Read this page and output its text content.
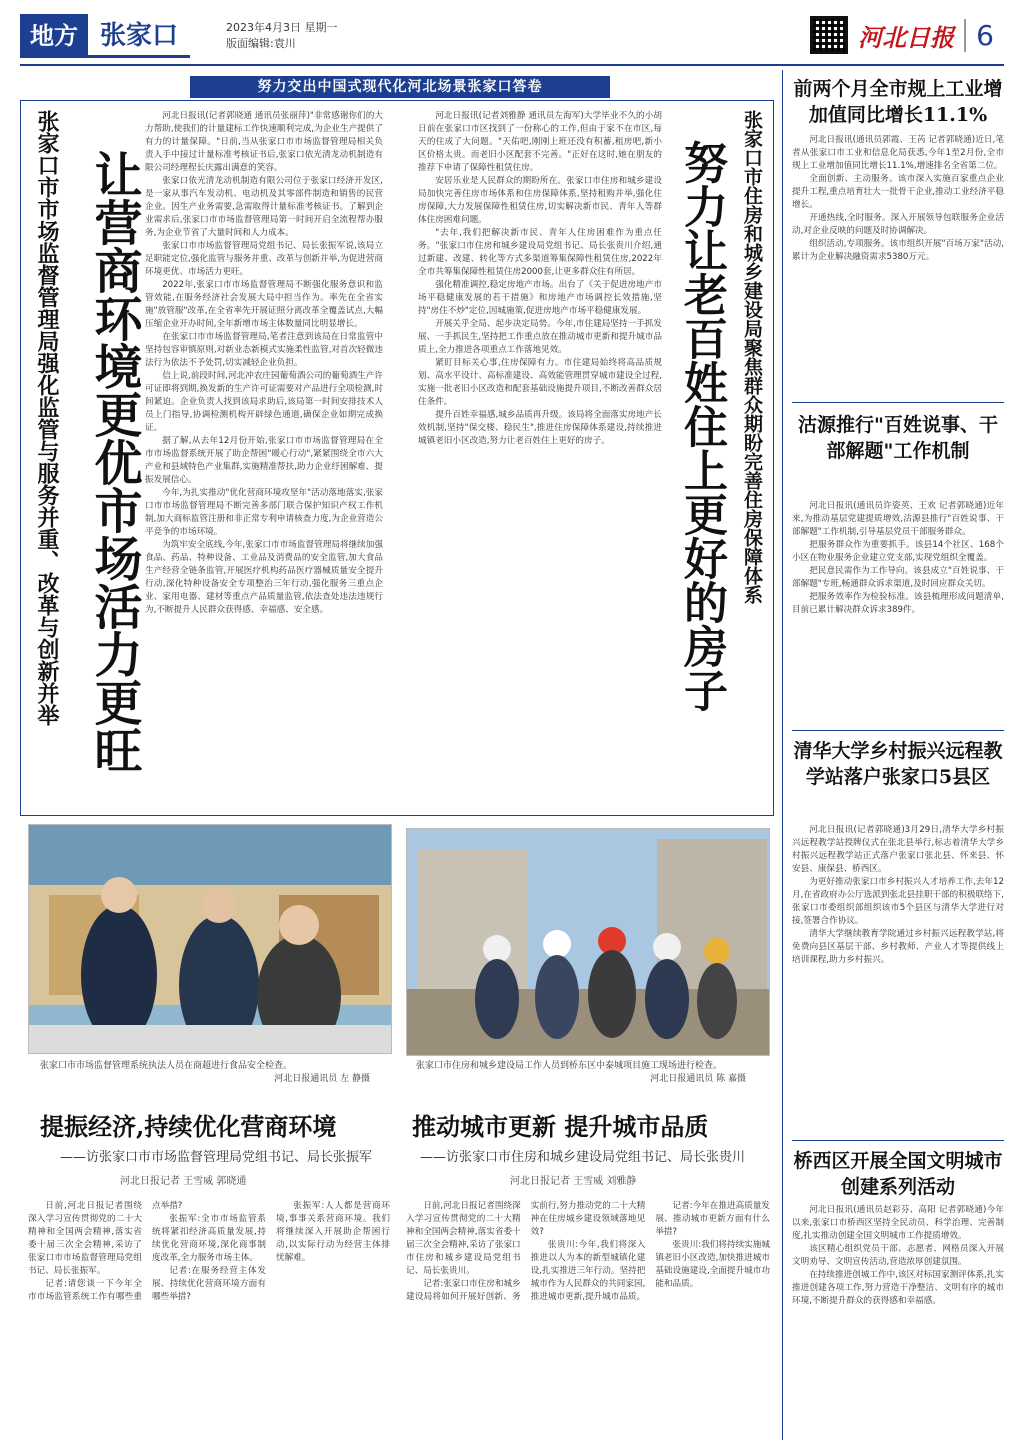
地方 张家口	2023年4月3日 星期一
版面编辑:袁川	河北日报 6
努力交出中国式现代化河北场景张家口答卷
张家口市市场监督管理局强化监管与服务并重、改革与创新并举 让营商环境更优市场活力更旺

河北日报讯(记者郭晓通 通讯员张丽萍)"非常感谢你们的大力帮助,使我们的计量建标工作快速顺利完成,为企业生产提供了有力的计量保障。"日前,当从张家口市市场监督管理局相关负责人手中接过计量标准考核证书后,张家口依光清龙动机制造有限公司经理程长庆露出满意的笑容。

张家口依光清龙动机制造有限公司位于张家口经济开发区,是一家从事汽车发动机、电动机及其零部件制造和销售的民营企业。因生产业务需要,急需取得计量标准考核证书。了解到企业需求后,张家口市市场监督管理局第一时间开启全流程帮办服务,为企业节省了大量时间和人力成本。

张家口市市场监督管理局党组书记、局长张振军说,该局立足职能定位,强化监管与服务并重、改革与创新并举,为促进营商环境更优、市场活力更旺。

2022年,张家口市市场监督管理局不断强化服务意识和监管效能,在服务经济社会发展大局中担当作为。率先在全省实施"放管服"改革,在全省率先开展证照分离改革全覆盖试点,大幅压缩企业开办时间,全年新增市场主体数量同比明显增长。

在张家口市市场监督管理局,笔者注意到该局在日常监管中坚持包容审慎原则,对新业态新模式实施柔性监管,对首次轻微违法行为依法不予处罚,切实减轻企业负担。

信上说,前段时间,河北冲农庄园葡萄酒公司的葡萄酒生产许可证即将到期,换发新的生产许可证需要对产品进行全项检测,时间紧迫。企业负责人找到该局求助后,该局第一时间安排技术人员上门指导,协调检测机构开辟绿色通道,确保企业如期完成换证。

据了解,从去年12月份开始,张家口市市场监督管理局在全市市场监督系统开展了助企帮困"暖心行动",紧紧围绕全市六大产业和县域特色产业集群,实施精准帮扶,助力企业纾困解难、提振发展信心。

今年,为扎实推动"优化营商环境攻坚年"活动落地落实,张家口市市场监督管理局不断完善多部门联合保护知识产权工作机制,加大商标监管注册和非正常专利申请核查力度,为企业营造公平竞争的市场环境。

为筑牢安全底线,今年,张家口市市场监督管理局将继续加强食品、药品、特种设备、工业品及消费品的安全监管,加大食品生产经营全链条监管,开展医疗机构药品医疗器械质量安全提升行动,深化特种设备安全专项整治三年行动,强化服务三重点企业、家用电器、建材等重点产品质量监管,依法查处违法违规行为,不断提升人民群众获得感、幸福感、安全感。

河北日报讯(记者刘雅静 通讯员左海军)大学毕业不久的小胡日前在张家口市区找到了一份称心的工作,但由于家不在市区,每天的住成了大问题。"天佑吧,刚刚上班还没有积蓄,租房吧,新小区价格太贵。而老旧小区配套不完善。"正好在这时,她在朋友的推荐下申请了保障性租赁住房。

安居乐业是人民群众的期盼所在。张家口市住房和城乡建设局加快完善住房市场体系和住房保障体系,坚持租购并举,强化住房保障,大力发展保障性租赁住房,切实解决新市民、青年人等群体住房困难问题。

"去年,我们把解决新市民、青年人住房困难作为重点任务。"张家口市住房和城乡建设局党组书记、局长张贵川介绍,通过新建、改建、转化等方式多渠道筹集保障性租赁住房,2022年全市共筹集保障性租赁住房2000套,让更多群众住有所居。

强化精准调控,稳定房地产市场。出台了《关于促进房地产市场平稳健康发展的若干措施》和房地产市场调控长效措施,坚持"房住不炒"定位,因城施策,促进房地产市场平稳健康发展。

开展关乎全局、起步决定局势。今年,市住建局坚持一手抓发展、一手抓民生,坚持把工作重点放在推动城市更新和提升城市品质上,全力推进各项重点工作落地见效。

紧盯目标关心事,住房保障有力。市住建局始终将高品质规划、高水平设计、高标准建设、高效能管理贯穿城市建设全过程,实施一批老旧小区改造和配套基础设施提升项目,不断改善群众居住条件。

提升百姓幸福感,城乡品质再升级。该局将全面落实房地产长效机制,坚持"保交楼、稳民生",推进住房保障体系建设,持续推进城镇老旧小区改造,努力让老百姓住上更好的房子。	努力让老百姓住上更好的房子 张家口市住房和城乡建设局聚焦群众期盼完善住房保障体系
张家口市市场监督管理系统执法人员在商超进行食品安全检查。
河北日报通讯员 左 静摄
张家口市住房和城乡建设局工作人员到桥东区中泰城项目施工现场进行检查。
河北日报通讯员 陈 嘉摄
提振经济,持续优化营商环境
——访张家口市市场监督管理局党组书记、局长张振军
河北日报记者 王雪威 郭晓通

日前,河北日报记者围绕深入学习宣传贯彻党的二十大精神和全国两会精神,落实省委十届三次全会精神,采访了张家口市市场监督管理局党组书记、局长张振军。

记者:请您谈一下今年全市市场监管系统工作有哪些重点举措?

张振军:全市市场监管系统将紧扣经济高质量发展,持续优化营商环境,深化商事制度改革,全力服务市场主体。

记者:在服务经营主体发展、持续优化营商环境方面有哪些举措?

张振军:人人都是营商环境,事事关系营商环境。我们将继续深入开展助企帮困行动,以实际行动为经营主体排忧解难。

推动城市更新 提升城市品质
——访张家口市住房和城乡建设局党组书记、局长张贵川
河北日报记者 王雪威 刘雅静

日前,河北日报记者围绕深入学习宣传贯彻党的二十大精神和全国两会精神,落实省委十届三次全会精神,采访了张家口市住房和城乡建设局党组书记、局长张贵川。

记者:张家口市住房和城乡建设局将如何开展好创新、务实前行,努力推动党的二十大精神在住房城乡建设领域落地见效?

张贵川:今年,我们将深入推进以人为本的新型城镇化建设,扎实推进三年行动。坚持把城市作为人民群众的共同家园,推进城市更新,提升城市品质。

记者:今年在推进高质量发展、推动城市更新方面有什么举措?

张贵川:我们将持续实施城镇老旧小区改造,加快推进城市基础设施建设,全面提升城市功能和品质。

前两个月全市规上工业增加值同比增长11.1%

河北日报讯(通讯员郭霞、王芮 记者郭晓通)近日,笔者从张家口市工业和信息化局获悉,今年1至2月份,全市规上工业增加值同比增长11.1%,增速排名全省第二位。

全面创新、主动服务。该市深入实施百家重点企业提升工程,重点培育壮大一批骨干企业,推动工业经济平稳增长。

开通热线,全时服务。深入开展领导包联服务企业活动,对企业反映的问题及时协调解决。

组织活动,专项服务。该市组织开展"百场万家"活动,累计为企业解决融资需求5380万元。

沽源推行"百姓说事、干部解题"工作机制

河北日报讯(通讯员许姿英、王欢 记者郭晓通)近年来,为推动基层党建提质增效,沽源县推行"百姓说事、干部解题"工作机制,引导基层党员干部服务群众。

把服务群众作为重要抓手。该县14个社区、168个小区在物业服务企业建立党支部,实现党组织全覆盖。

把民意民需作为工作导向。该县成立"百姓说事、干部解题"专班,畅通群众诉求渠道,及时回应群众关切。

把服务效率作为检验标准。该县梳理形成问题清单,目前已累计解决群众诉求389件。

清华大学乡村振兴远程教学站落户张家口5县区

河北日报讯(记者郭晓通)3月29日,清华大学乡村振兴远程教学站授牌仪式在张北县举行,标志着清华大学乡村振兴远程教学站正式落户张家口张北县、怀来县、怀安县、康保县、桥西区。

为更好推动张家口市乡村振兴人才培养工作,去年12月,在省政府办公厅选派到张北县挂职干部的积极联络下,张家口市委组织部组织该市5个县区与清华大学进行对接,签署合作协议。

清华大学继续教育学院通过乡村振兴远程教学站,将免费向县区基层干部、乡村教师、产业人才等提供线上培训课程,助力乡村振兴。

桥西区开展全国文明城市创建系列活动

河北日报讯(通讯员赵彩芬、高阳 记者郭晓通)今年以来,张家口市桥西区坚持全民动员、科学治理、完善制度,扎实推动创建全国文明城市工作提质增效。

该区精心组织党员干部、志愿者、网格员深入开展文明劝导、文明宣传活动,营造浓厚创建氛围。

在持续推进创城工作中,该区对标国家测评体系,扎实推进创建各项工作,努力营造干净整洁、文明有序的城市环境,不断提升群众的获得感和幸福感。
